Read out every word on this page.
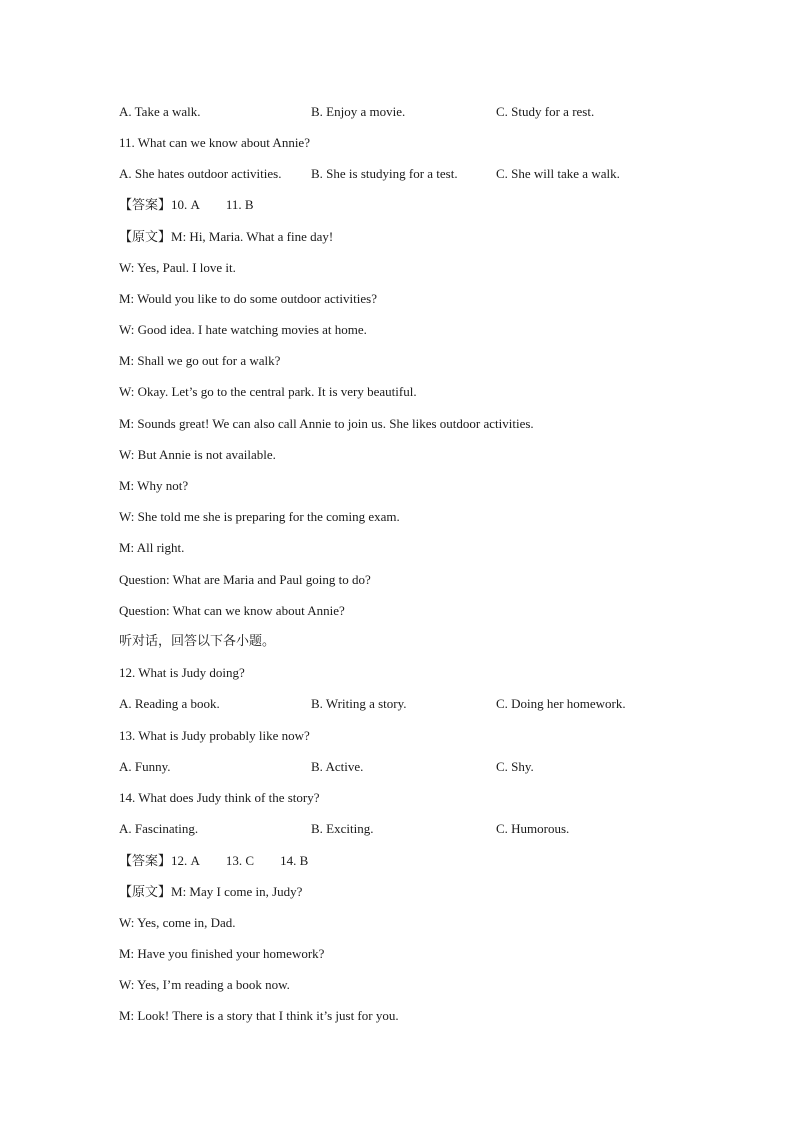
A. Take a walk.	B. Enjoy a movie.	C. Study for a rest.
11. What can we know about Annie?
A. She hates outdoor activities. B. She is studying for a test.	C. She will take a walk.
【答案】10. A 11. B
【原文】M: Hi, Maria. What a fine day!
W: Yes, Paul. I love it.
M: Would you like to do some outdoor activities?
W: Good idea. I hate watching movies at home.
M: Shall we go out for a walk?
W: Okay. Let’s go to the central park. It is very beautiful.
M: Sounds great! We can also call Annie to join us. She likes outdoor activities.
W: But Annie is not available.
M: Why not?
W: She told me she is preparing for the coming exam.
M: All right.
Question: What are Maria and Paul going to do?
Question: What can we know about Annie?
听对话，回答以下各小题。
12. What is Judy doing?
A. Reading a book.	B. Writing a story.	C. Doing her homework.
13. What is Judy probably like now?
A. Funny.	B. Active.	C. Shy.
14. What does Judy think of the story?
A. Fascinating.	B. Exciting.	C. Humorous.
【答案】12. A 13. C 14. B
【原文】M: May I come in, Judy?
W: Yes, come in, Dad.
M: Have you finished your homework?
W: Yes, I’m reading a book now.
M: Look! There is a story that I think it’s just for you.
